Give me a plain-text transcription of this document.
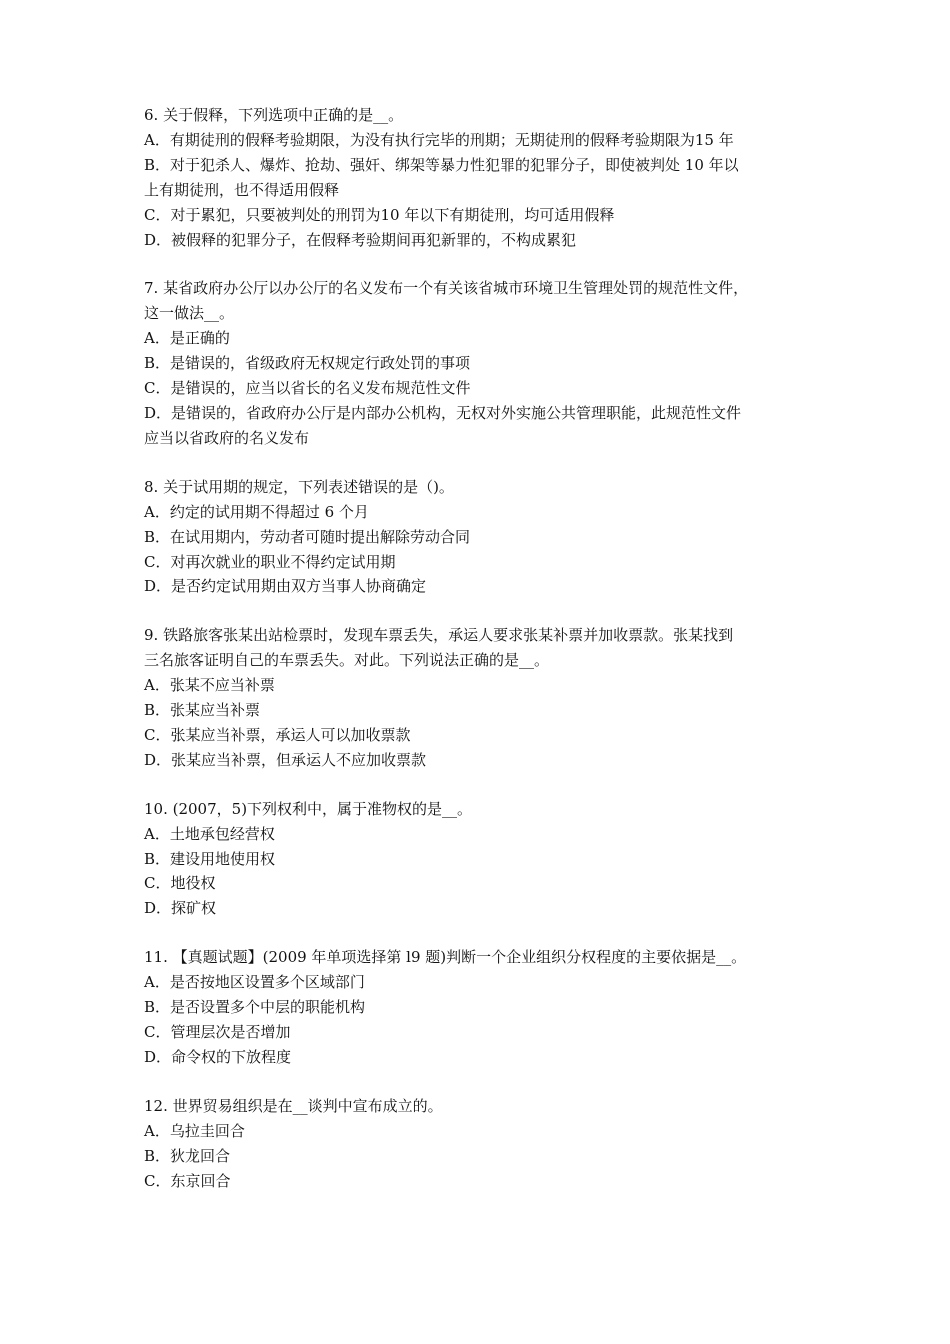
6. 关于假释，下列选项中正确的是__。
A．有期徒刑的假释考验期限，为没有执行完毕的刑期；无期徒刑的假释考验期限为15 年
B．对于犯杀人、爆炸、抢劫、强奸、绑架等暴力性犯罪的犯罪分子，即使被判处 10 年以
上有期徒刑，也不得适用假释
C．对于累犯，只要被判处的刑罚为10 年以下有期徒刑，均可适用假释
D．被假释的犯罪分子，在假释考验期间再犯新罪的，不构成累犯
7. 某省政府办公厅以办公厅的名义发布一个有关该省城市环境卫生管理处罚的规范性文件，
这一做法__。
A．是正确的
B．是错误的，省级政府无权规定行政处罚的事项
C．是错误的，应当以省长的名义发布规范性文件
D．是错误的，省政府办公厅是内部办公机构，无权对外实施公共管理职能，此规范性文件
应当以省政府的名义发布
8. 关于试用期的规定，下列表述错误的是（)。
A．约定的试用期不得超过 6 个月
B．在试用期内，劳动者可随时提出解除劳动合同
C．对再次就业的职业不得约定试用期
D．是否约定试用期由双方当事人协商确定
9. 铁路旅客张某出站检票时，发现车票丢失，承运人要求张某补票并加收票款。张某找到
三名旅客证明自己的车票丢失。对此。下列说法正确的是__。
A．张某不应当补票
B．张某应当补票
C．张某应当补票，承运人可以加收票款
D．张某应当补票，但承运人不应加收票款
10. (2007，5)下列权利中，属于准物权的是__。
A．土地承包经营权
B．建设用地使用权
C．地役权
D．探矿权
11. 【真题试题】(2009 年单项选择第 l9 题)判断一个企业组织分权程度的主要依据是__。
A．是否按地区设置多个区域部门
B．是否设置多个中层的职能机构
C．管理层次是否增加
D．命令权的下放程度
12. 世界贸易组织是在__谈判中宣布成立的。
A．乌拉圭回合
B．狄龙回合
C．东京回合
